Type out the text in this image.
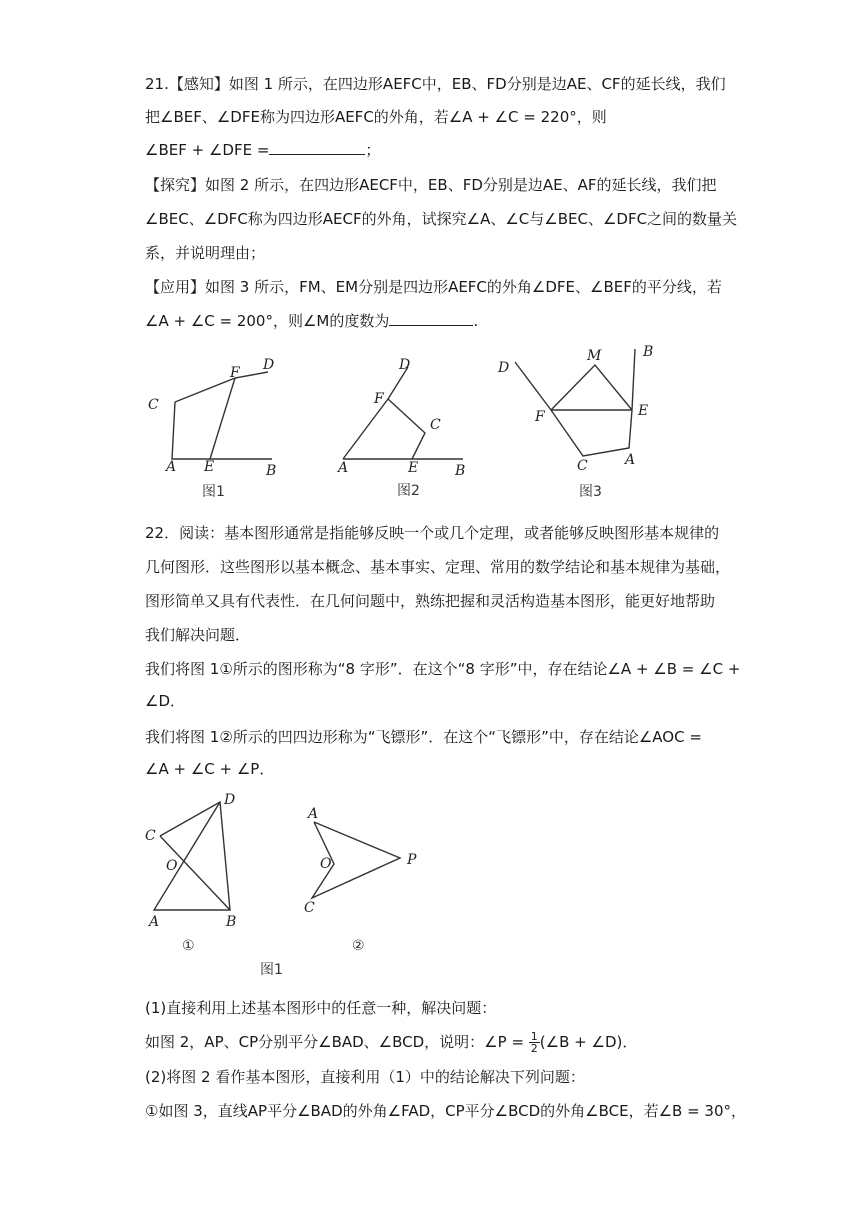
21.【感知】如图 1 所示，在四边形AEFC中，EB、FD分别是边AE、CF的延长线，我们
把∠BEF、∠DFE称为四边形AEFC的外角，若∠A + ∠C = 220°，则
∠BEF + ∠DFE =	；
【探究】如图 2 所示，在四边形AECF中，EB、FD分别是边AE、AF的延长线，我们把
∠BEC、∠DFC称为四边形AECF的外角，试探究∠A、∠C与∠BEC、∠DFC之间的数量关
系，并说明理由；
【应用】如图 3 所示，FM、EM分别是四边形AEFC的外角∠DFE、∠BEF的平分线，若
∠A + ∠C = 200°，则∠M的度数为	.
C
F D
A E	B
图1
D
F
C
A	E	B
图2
D
M	B
F	E
C	A
图3
22．阅读：基本图形通常是指能够反映一个或几个定理，或者能够反映图形基本规律的
几何图形．这些图形以基本概念、基本事实、定理、常用的数学结论和基本规律为基础，
图形简单又具有代表性．在几何问题中，熟练把握和灵活构造基本图形，能更好地帮助
我们解决问题．
我们将图 1①所示的图形称为“8 字形”．在这个“8 字形”中，存在结论∠A + ∠B = ∠C +
∠D．
我们将图 1②所示的凹四边形称为“飞镖形”．在这个“飞镖形”中，存在结论∠AOC =
∠A + ∠C + ∠P．
D
C
O
A	B
①
A
O	P
C
②
图1
(1)直接利用上述基本图形中的任意一种，解决问题：
如图 2，AP、CP分别平分∠BAD、∠BCD，说明：∠P = $\frac{1}{2}$ (∠B + ∠D)．
(2)将图 2 看作基本图形，直接利用（1）中的结论解决下列问题：
①如图 3，直线AP平分∠BAD的外角∠FAD，CP平分∠BCD的外角∠BCE，若∠B = 30°，
